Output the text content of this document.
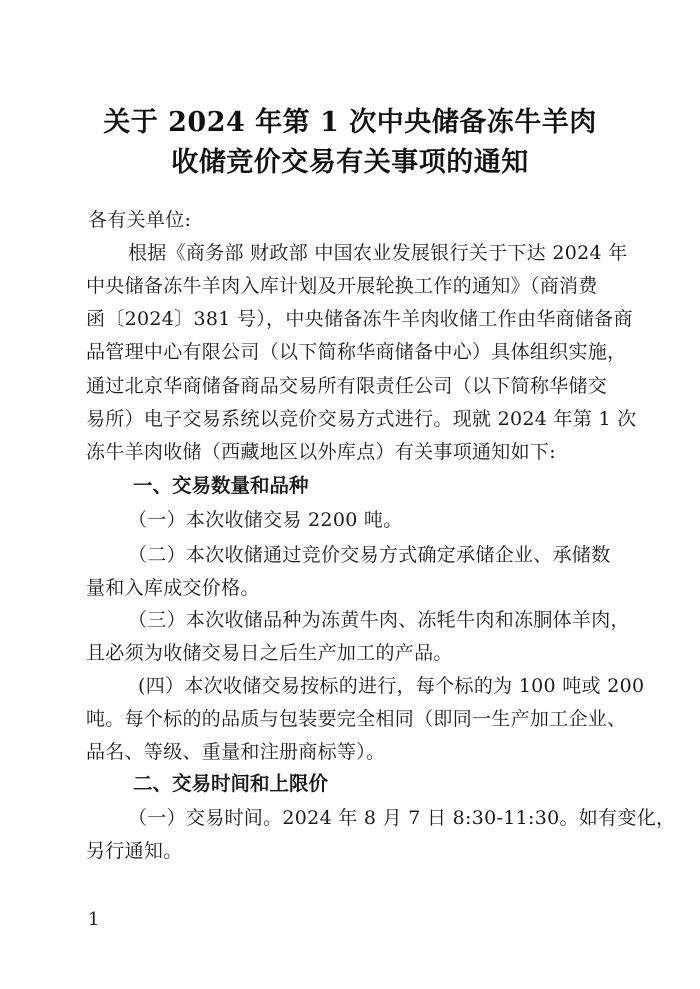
关于 2024 年第 1 次中央储备冻牛羊肉
收储竞价交易有关事项的通知
各有关单位:
根据《商务部 财政部 中国农业发展银行关于下达 2024 年
中央储备冻牛羊肉入库计划及开展轮换工作的通知》（商消费
函〔2024〕381 号），中央储备冻牛羊肉收储工作由华商储备商
品管理中心有限公司（以下简称华商储备中心）具体组织实施，
通过北京华商储备商品交易所有限责任公司（以下简称华储交
易所）电子交易系统以竞价交易方式进行。现就 2024 年第 1 次
冻牛羊肉收储（西藏地区以外库点）有关事项通知如下:
一、交易数量和品种
（一）本次收储交易 2200 吨。
（二）本次收储通过竞价交易方式确定承储企业、承储数
量和入库成交价格。
（三）本次收储品种为冻黄牛肉、冻牦牛肉和冻胴体羊肉，
且必须为收储交易日之后生产加工的产品。
(四）本次收储交易按标的进行，每个标的为 100 吨或 200
吨。每个标的的品质与包装要完全相同（即同一生产加工企业、
品名、等级、重量和注册商标等）。
二、交易时间和上限价
（一）交易时间。2024 年 8 月 7 日 8:30-11:30。如有变化，
另行通知。
1
